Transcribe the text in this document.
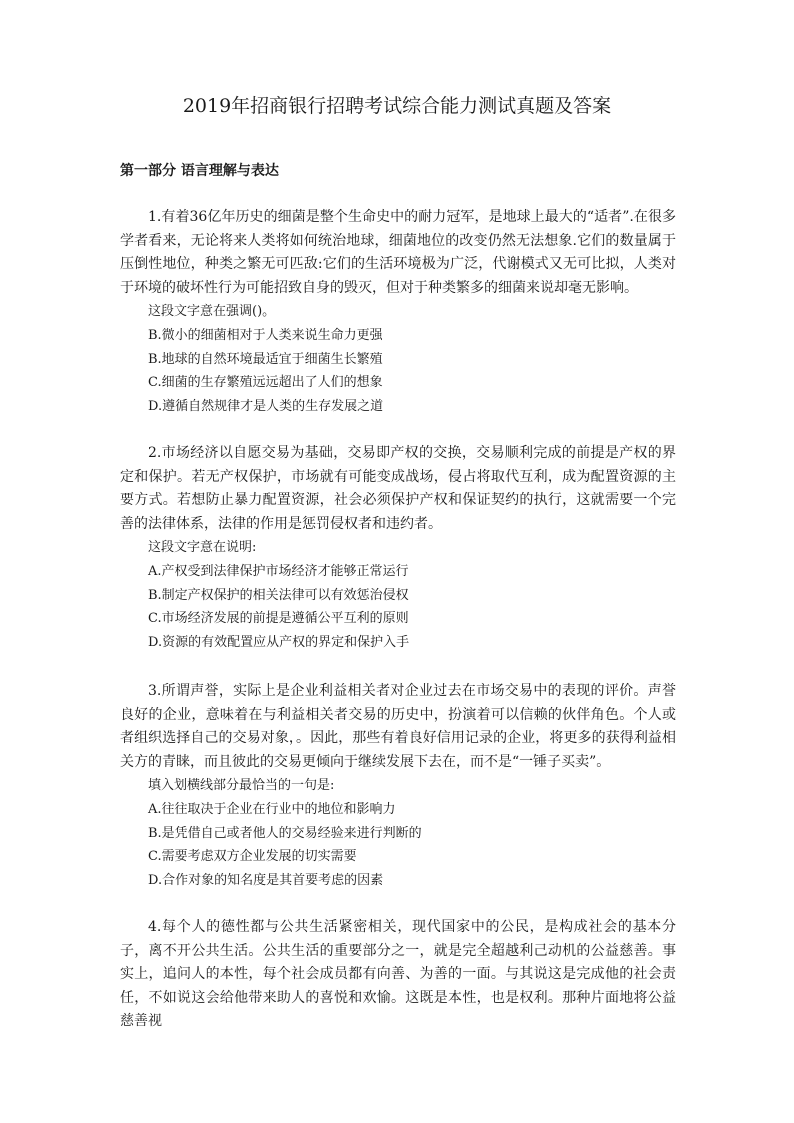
2019年招商银行招聘考试综合能力测试真题及答案
第一部分 语言理解与表达

1.有着36亿年历史的细菌是整个生命史中的耐力冠军，是地球上最大的“适者”.在很多学者看来，无论将来人类将如何统治地球，细菌地位的改变仍然无法想象.它们的数量属于压倒性地位，种类之繁无可匹敌:它们的生活环境极为广泛，代谢模式又无可比拟，人类对于环境的破坏性行为可能招致自身的毁灭，但对于种类繁多的细菌来说却毫无影响。

这段文字意在强调()。

B.微小的细菌相对于人类来说生命力更强

B.地球的自然环境最适宜于细菌生长繁殖

C.细菌的生存繁殖远远超出了人们的想象

D.遵循自然规律才是人类的生存发展之道

2.市场经济以自愿交易为基础，交易即产权的交换，交易顺利完成的前提是产权的界定和保护。若无产权保护，市场就有可能变成战场，侵占将取代互利，成为配置资源的主要方式。若想防止暴力配置资源，社会必须保护产权和保证契约的执行，这就需要一个完善的法律体系，法律的作用是惩罚侵权者和违约者。

这段文字意在说明:

A.产权受到法律保护市场经济才能够正常运行

B.制定产权保护的相关法律可以有效惩治侵权

C.市场经济发展的前提是遵循公平互利的原则

D.资源的有效配置应从产权的界定和保护入手

3.所谓声誉，实际上是企业利益相关者对企业过去在市场交易中的表现的评价。声誉良好的企业，意味着在与利益相关者交易的历史中，扮演着可以信赖的伙伴角色。个人或者组织选择自己的交易对象，。因此，那些有着良好信用记录的企业，将更多的获得利益相关方的青睐，而且彼此的交易更倾向于继续发展下去在，而不是“一锤子买卖”。

填入划横线部分最恰当的一句是:

A.往往取决于企业在行业中的地位和影响力

B.是凭借自己或者他人的交易经验来进行判断的

C.需要考虑双方企业发展的切实需要

D.合作对象的知名度是其首要考虑的因素

4.每个人的德性都与公共生活紧密相关，现代国家中的公民，是构成社会的基本分子，离不开公共生活。公共生活的重要部分之一，就是完全超越利己动机的公益慈善。事实上，追问人的本性，每个社会成员都有向善、为善的一面。与其说这是完成他的社会责任，不如说这会给他带来助人的喜悦和欢愉。这既是本性，也是权利。那种片面地将公益慈善视
